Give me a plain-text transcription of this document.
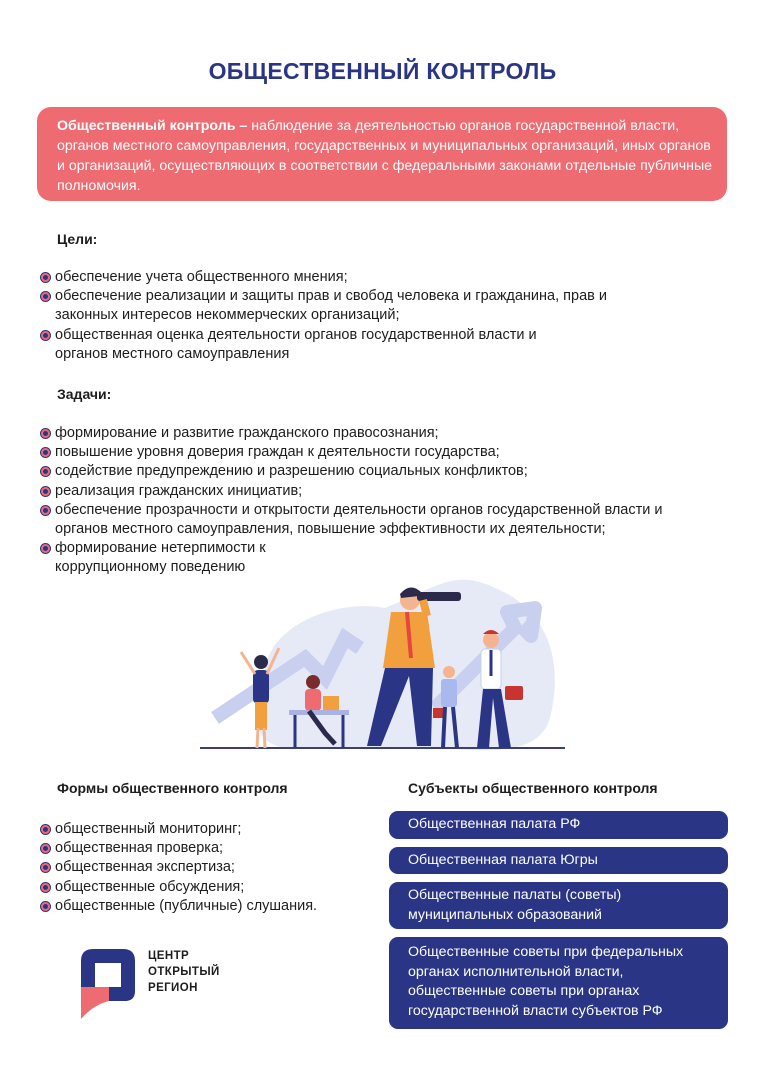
ОБЩЕСТВЕННЫЙ КОНТРОЛЬ
Общественный контроль – наблюдение за деятельностью органов государственной власти, органов местного самоуправления, государственных и муниципальных организаций, иных органов и организаций, осуществляющих в соответствии с федеральными законами отдельные публичные полномочия.
Цели:
обеспечение учета общественного мнения;
обеспечение реализации и защиты прав и свобод человека и гражданина, прав и законных интересов некоммерческих организаций;
общественная оценка деятельности органов государственной власти и органов местного самоуправления
Задачи:
формирование и развитие гражданского правосознания;
повышение уровня доверия граждан к деятельности государства;
содействие предупреждению и разрешению социальных конфликтов;
реализация гражданских инициатив;
обеспечение прозрачности и открытости деятельности органов государственной власти и органов местного самоуправления, повышение эффективности их деятельности;
формирование нетерпимости к коррупционному поведению
Формы общественного контроля
общественный мониторинг;
общественная проверка;
общественная экспертиза;
общественные обсуждения;
общественные (публичные) слушания.
Субъекты общественного контроля
Общественная палата РФ
Общественная палата Югры
Общественные палаты (советы) муниципальных образований
Общественные советы при федеральных органах исполнительной власти, общественные советы при органах государственной власти субъектов РФ
ЦЕНТР
ОТКРЫТЫЙ
РЕГИОН
